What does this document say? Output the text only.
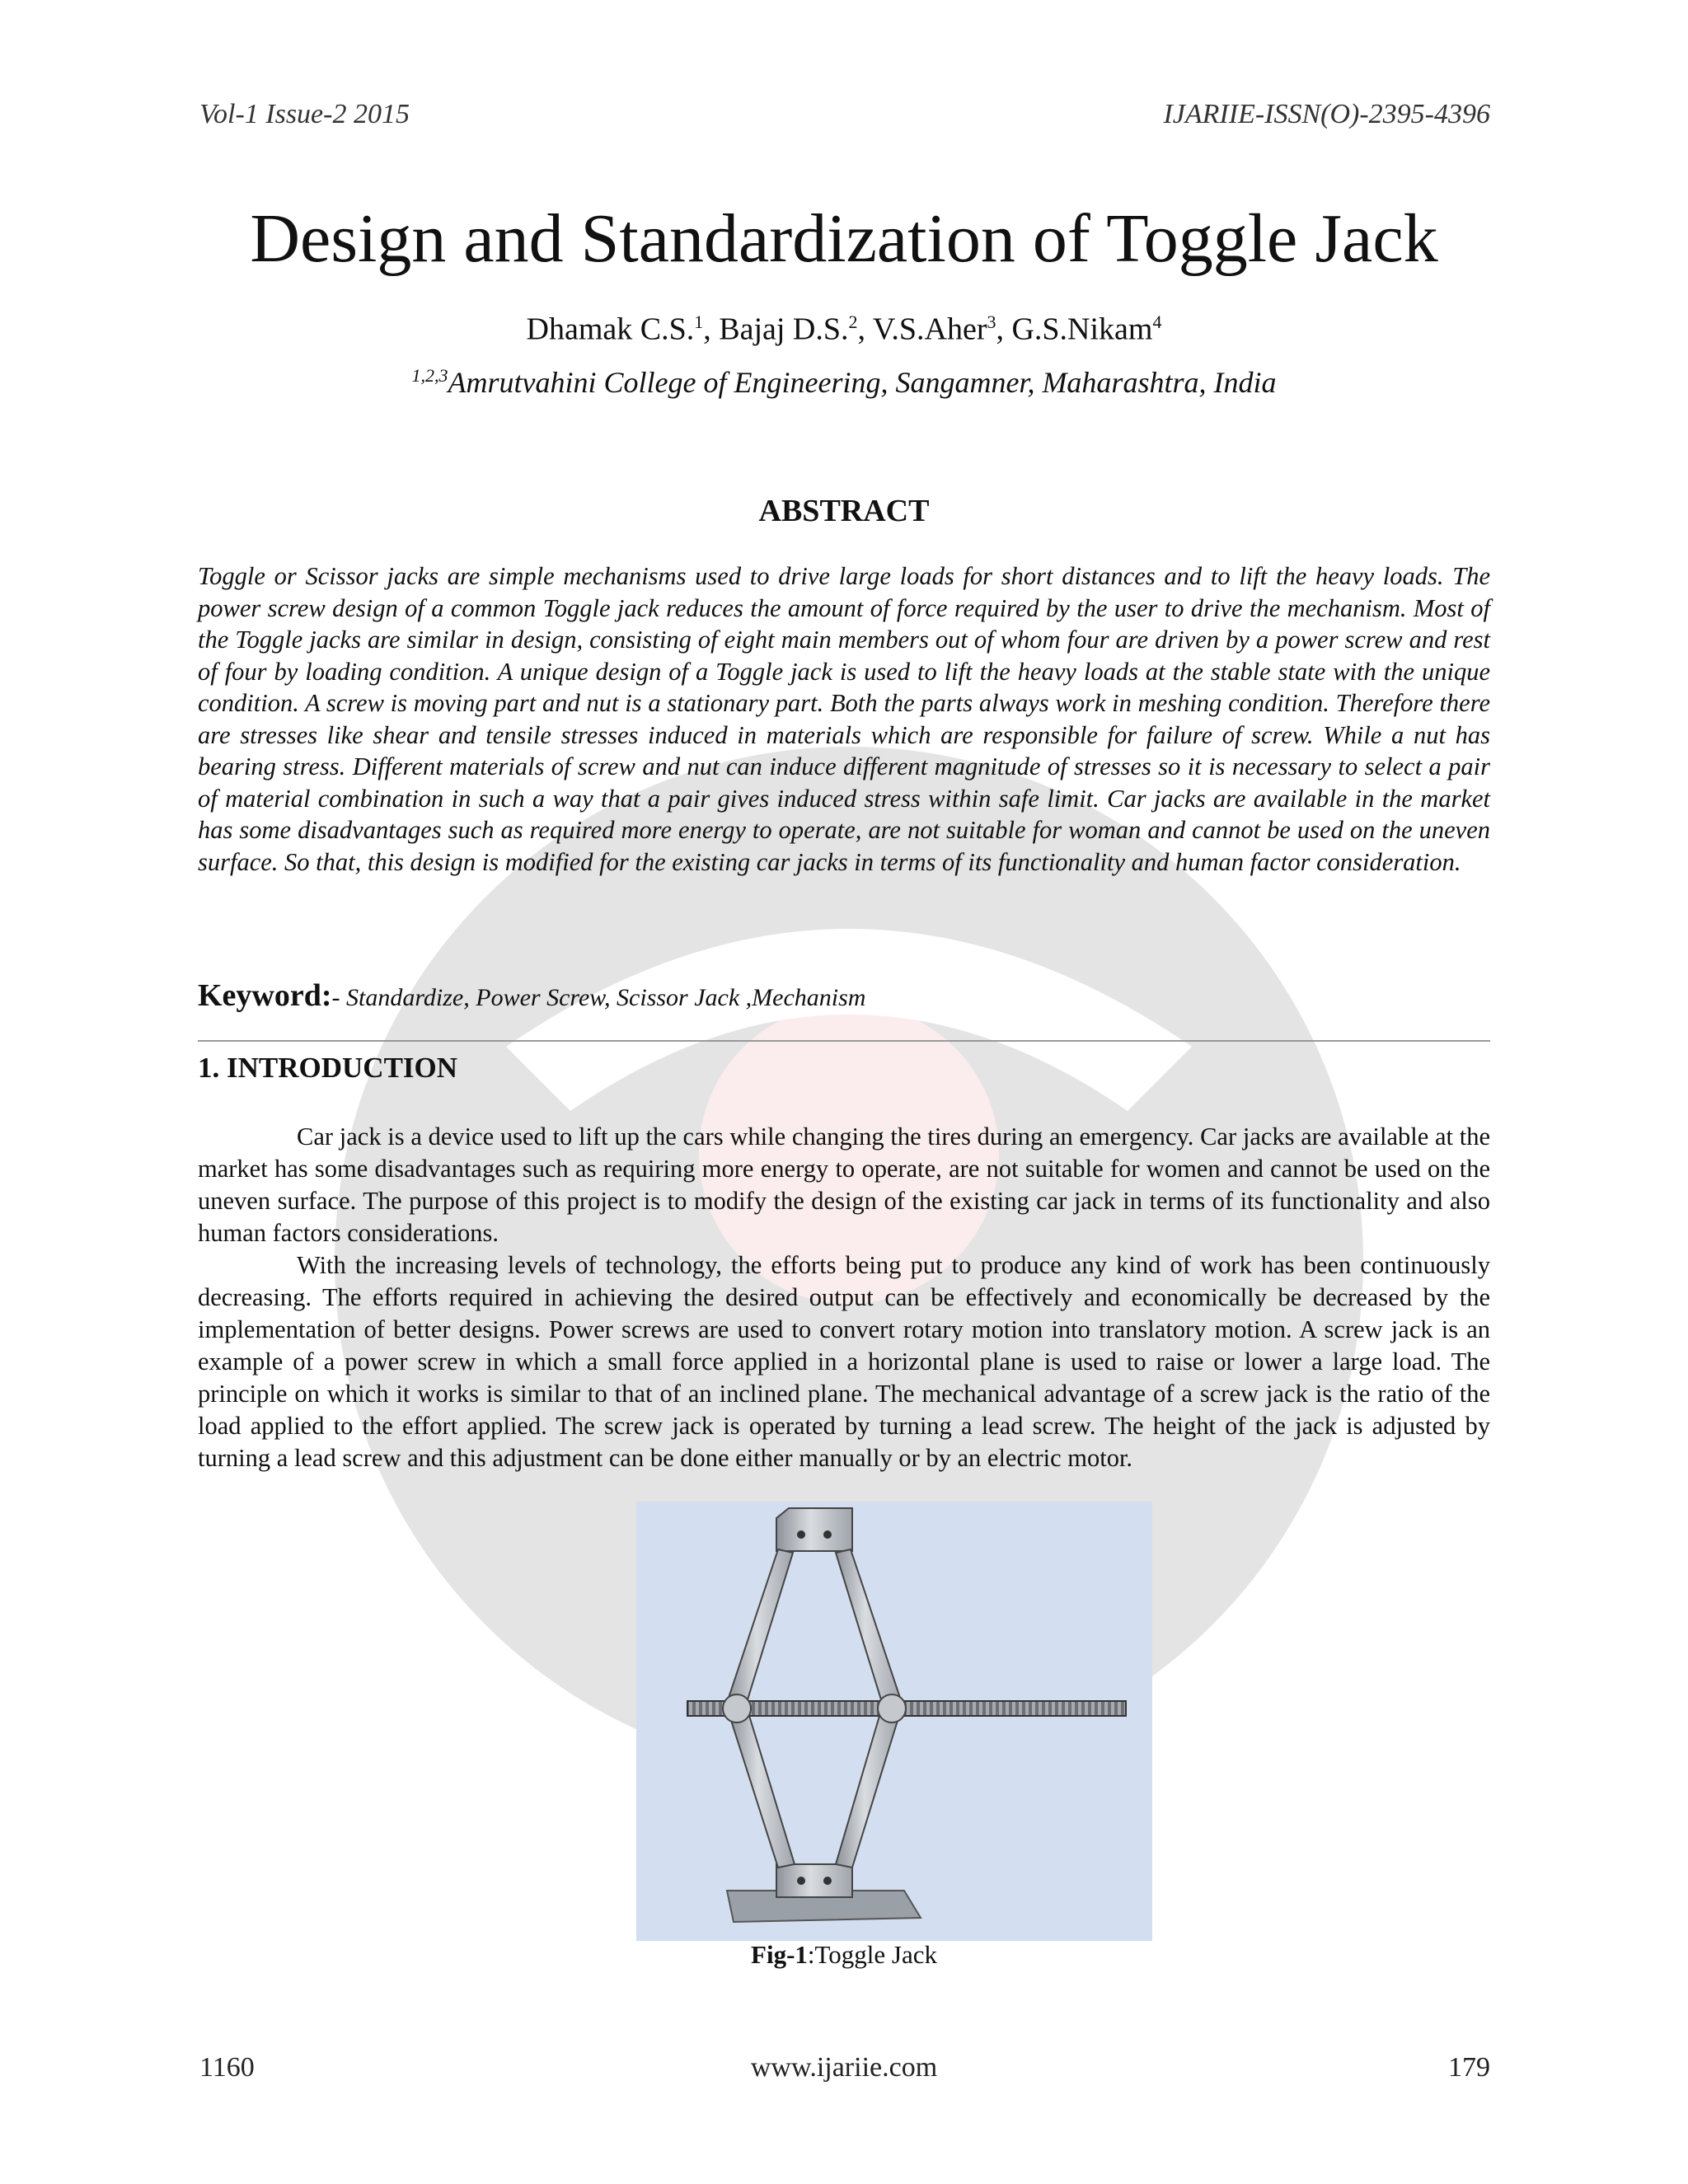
Vol-1 Issue-2 2015	IJARIIE-ISSN(O)-2395-4396
Design and Standardization of Toggle Jack
Dhamak C.S.$^1$, Bajaj D.S.$^2$, V.S.Aher$^3$, G.S.Nikam$^4$
$^{1,2,3}$Amrutvahini College of Engineering, Sangamner, Maharashtra, India
ABSTRACT
Toggle or Scissor jacks are simple mechanisms used to drive large loads for short distances and to lift the heavy loads. The power screw design of a common Toggle jack reduces the amount of force required by the user to drive the mechanism. Most of the Toggle jacks are similar in design, consisting of eight main members out of whom four are driven by a power screw and rest of four by loading condition. A unique design of a Toggle jack is used to lift the heavy loads at the stable state with the unique condition. A screw is moving part and nut is a stationary part. Both the parts always work in meshing condition. Therefore there are stresses like shear and tensile stresses induced in materials which are responsible for failure of screw. While a nut has bearing stress. Different materials of screw and nut can induce different magnitude of stresses so it is necessary to select a pair of material combination in such a way that a pair gives induced stress within safe limit. Car jacks are available in the market has some disadvantages such as required more energy to operate, are not suitable for woman and cannot be used on the uneven surface. So that, this design is modified for the existing car jacks in terms of its functionality and human factor consideration.
Keyword:- Standardize, Power Screw, Scissor Jack ,Mechanism
1. INTRODUCTION

Car jack is a device used to lift up the cars while changing the tires during an emergency. Car jacks are available at the market has some disadvantages such as requiring more energy to operate, are not suitable for women and cannot be used on the uneven surface. The purpose of this project is to modify the design of the existing car jack in terms of its functionality and also human factors considerations.

With the increasing levels of technology, the efforts being put to produce any kind of work has been continuously decreasing. The efforts required in achieving the desired output can be effectively and economically be decreased by the implementation of better designs. Power screws are used to convert rotary motion into translatory motion. A screw jack is an example of a power screw in which a small force applied in a horizontal plane is used to raise or lower a large load. The principle on which it works is similar to that of an inclined plane. The mechanical advantage of a screw jack is the ratio of the load applied to the effort applied. The screw jack is operated by turning a lead screw. The height of the jack is adjusted by turning a lead screw and this adjustment can be done either manually or by an electric motor.

Fig-1:Toggle Jack
1160	www.ijariie.com	179
